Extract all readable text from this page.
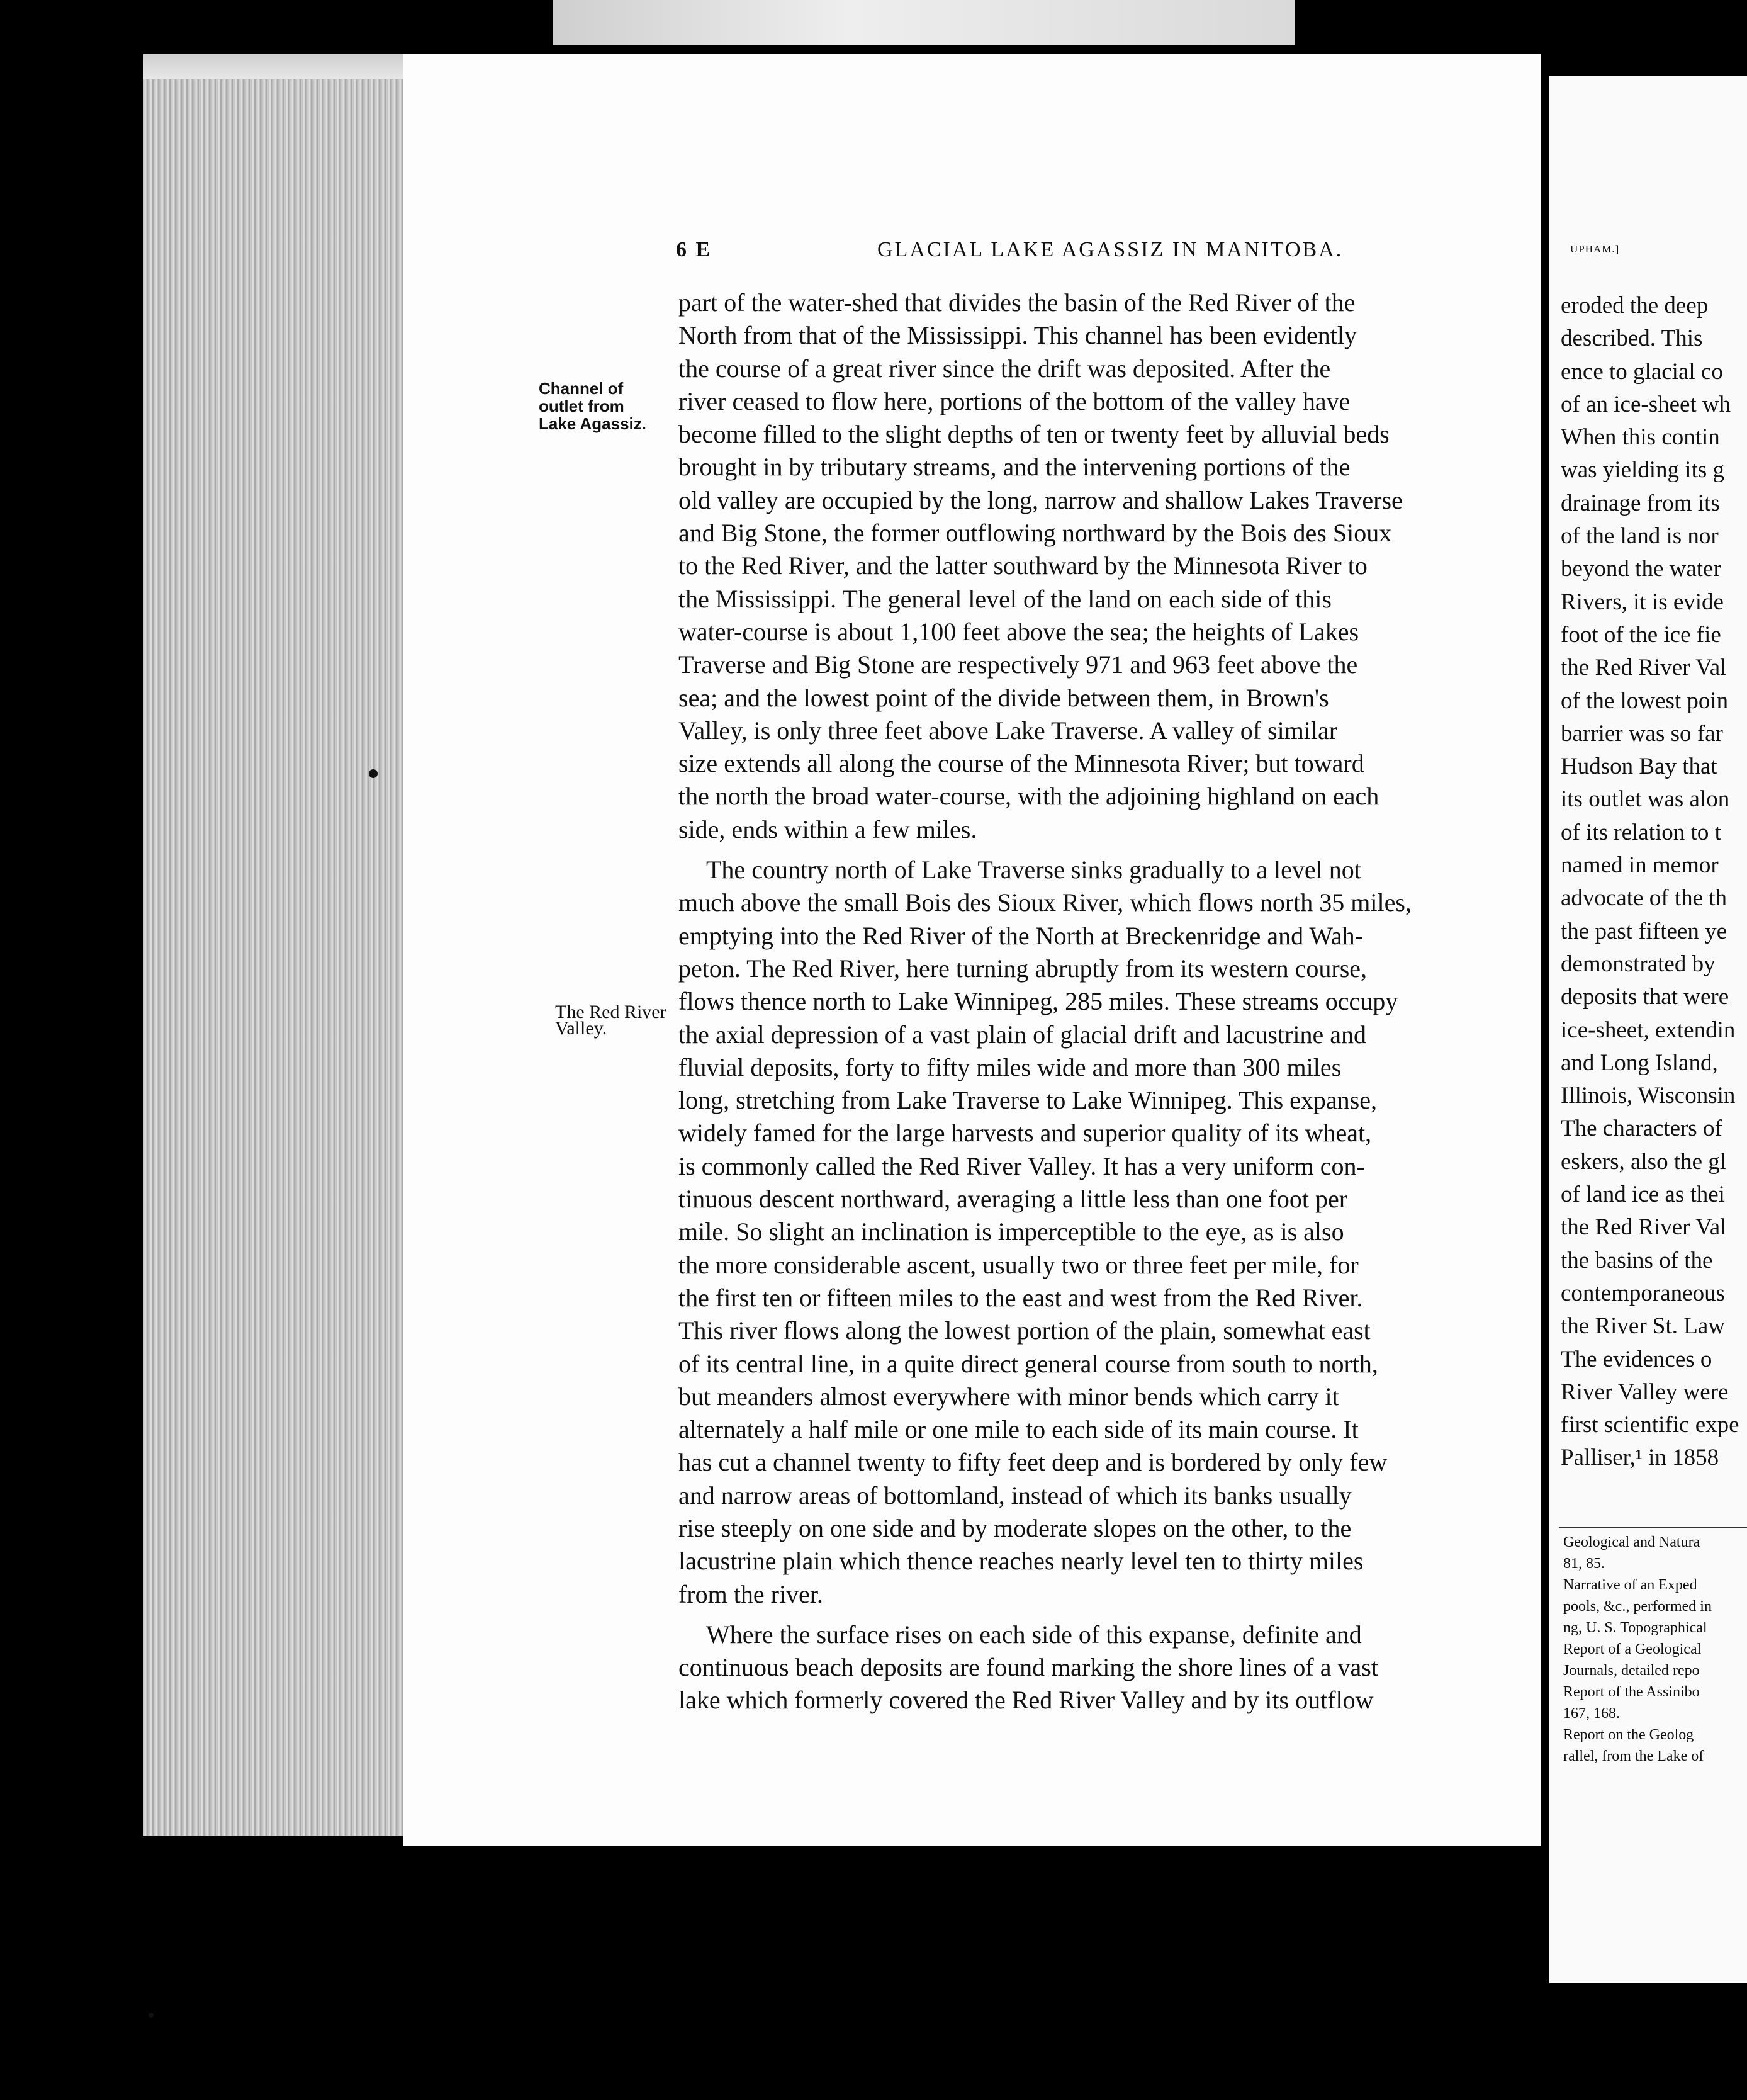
6 E	GLACIAL LAKE AGASSIZ IN MANITOBA.
Channel of
outlet from
Lake Agassiz.
The Red River
Valley.
part of the water-shed that divides the basin of the Red River of the
North from that of the Mississippi. This channel has been evidently
the course of a great river since the drift was deposited. After the
river ceased to flow here, portions of the bottom of the valley have
become filled to the slight depths of ten or twenty feet by alluvial beds
brought in by tributary streams, and the intervening portions of the
old valley are occupied by the long, narrow and shallow Lakes Traverse
and Big Stone, the former outflowing northward by the Bois des Sioux
to the Red River, and the latter southward by the Minnesota River to
the Mississippi. The general level of the land on each side of this
water-course is about 1,100 feet above the sea; the heights of Lakes
Traverse and Big Stone are respectively 971 and 963 feet above the
sea; and the lowest point of the divide between them, in Brown's
Valley, is only three feet above Lake Traverse. A valley of similar
size extends all along the course of the Minnesota River; but toward
the north the broad water-course, with the adjoining highland on each
side, ends within a few miles.
The country north of Lake Traverse sinks gradually to a level not
much above the small Bois des Sioux River, which flows north 35 miles,
emptying into the Red River of the North at Breckenridge and Wah-
peton. The Red River, here turning abruptly from its western course,
flows thence north to Lake Winnipeg, 285 miles. These streams occupy
the axial depression of a vast plain of glacial drift and lacustrine and
fluvial deposits, forty to fifty miles wide and more than 300 miles
long, stretching from Lake Traverse to Lake Winnipeg. This expanse,
widely famed for the large harvests and superior quality of its wheat,
is commonly called the Red River Valley. It has a very uniform con-
tinuous descent northward, averaging a little less than one foot per
mile. So slight an inclination is imperceptible to the eye, as is also
the more considerable ascent, usually two or three feet per mile, for
the first ten or fifteen miles to the east and west from the Red River.
This river flows along the lowest portion of the plain, somewhat east
of its central line, in a quite direct general course from south to north,
but meanders almost everywhere with minor bends which carry it
alternately a half mile or one mile to each side of its main course. It
has cut a channel twenty to fifty feet deep and is bordered by only few
and narrow areas of bottomland, instead of which its banks usually
rise steeply on one side and by moderate slopes on the other, to the
lacustrine plain which thence reaches nearly level ten to thirty miles
from the river.
Where the surface rises on each side of this expanse, definite and
continuous beach deposits are found marking the shore lines of a vast
lake which formerly covered the Red River Valley and by its outflow
UPHAM.]
eroded the deep
described. This
ence to glacial co
of an ice-sheet wh
When this contin
was yielding its g
drainage from its
of the land is nor
beyond the water
Rivers, it is evide
foot of the ice fie
the Red River Val
of the lowest poin
barrier was so far
Hudson Bay that
its outlet was alon
of its relation to t
named in memor
advocate of the th
the past fifteen ye
demonstrated by
deposits that were
ice-sheet, extendin
and Long Island,
Illinois, Wisconsin
The characters of
eskers, also the gl
of land ice as thei
the Red River Val
the basins of the
contemporaneous
the River St. Law
The evidences o
River Valley were
first scientific expe
Palliser,¹ in 1858
Geological and Natura
81, 85.
Narrative of an Exped
pools, &c., performed in
ng, U. S. Topographical
Report of a Geological
Journals, detailed repo
Report of the Assinibo
167, 168.
Report on the Geolog
rallel, from the Lake of
